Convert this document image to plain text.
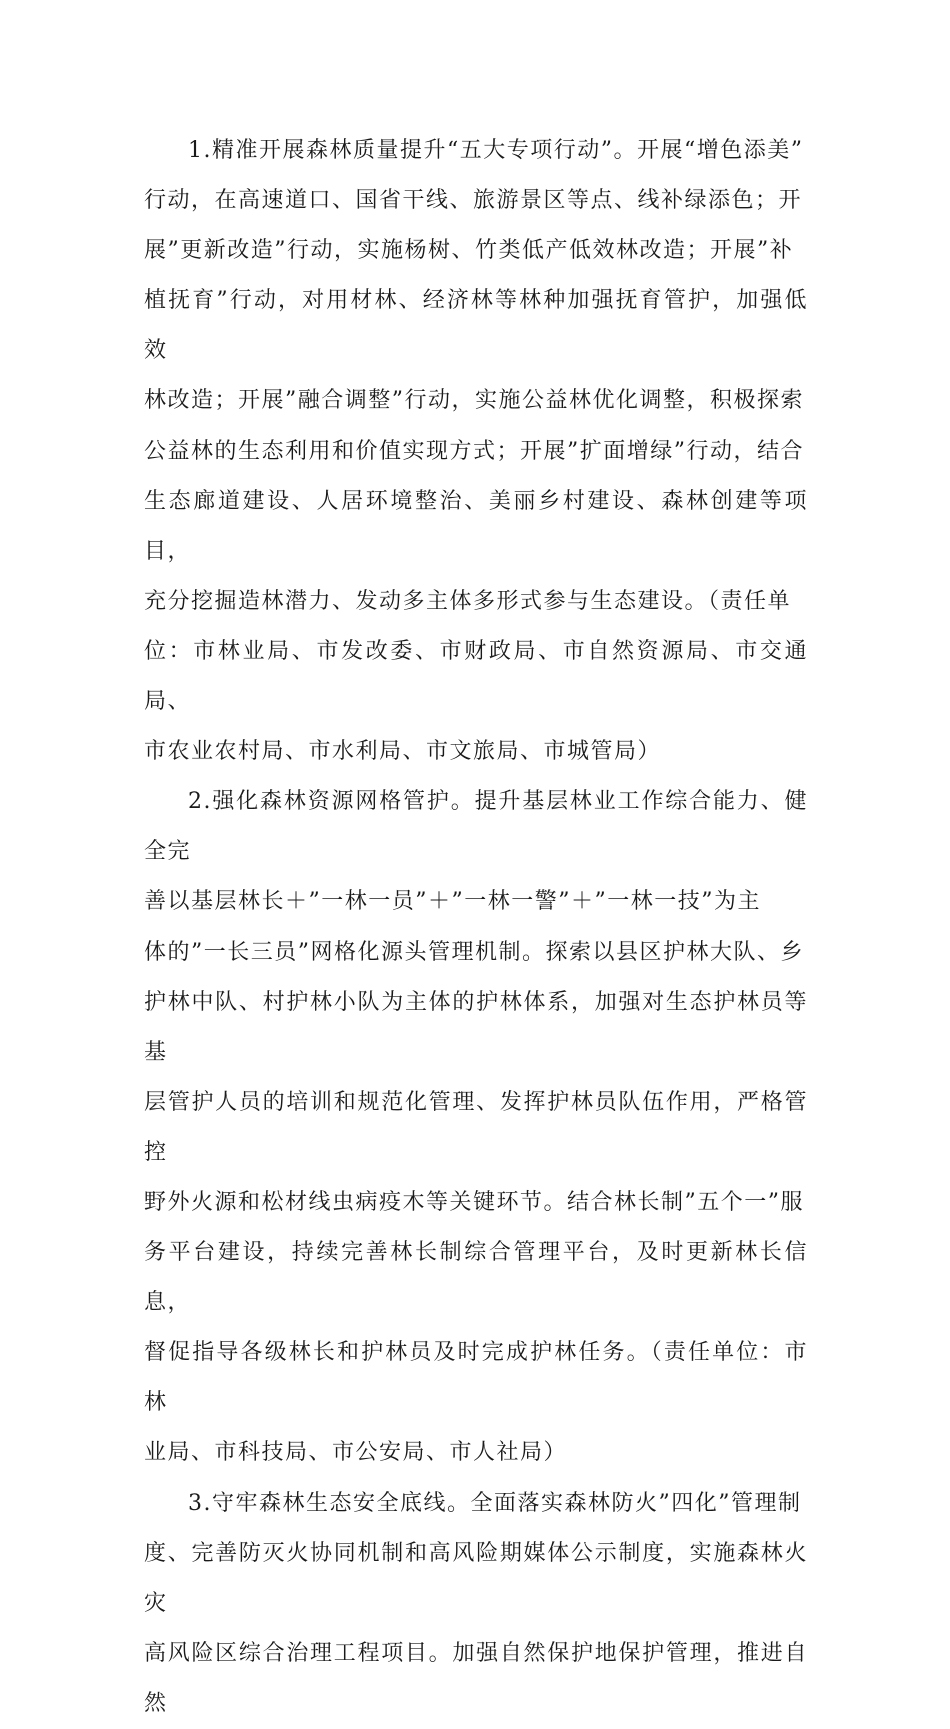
1.精准开展森林质量提升“五大专项行动”。开展“增色添美”
行动，在高速道口、国省干线、旅游景区等点、线补绿添色；开
展”更新改造”行动，实施杨树、竹类低产低效林改造；开展”补
植抚育”行动，对用材林、经济林等林种加强抚育管护，加强低效
林改造；开展”融合调整”行动，实施公益林优化调整，积极探索
公益林的生态利用和价值实现方式；开展”扩面增绿”行动，结合
生态廊道建设、人居环境整治、美丽乡村建设、森林创建等项目，
充分挖掘造林潜力、发动多主体多形式参与生态建设。（责任单
位：市林业局、市发改委、市财政局、市自然资源局、市交通局、
市农业农村局、市水利局、市文旅局、市城管局）

2.强化森林资源网格管护。提升基层林业工作综合能力、健全完
善以基层林长＋”一林一员”＋”一林一警”＋”一林一技”为主
体的”一长三员”网格化源头管理机制。探索以县区护林大队、乡
护林中队、村护林小队为主体的护林体系，加强对生态护林员等基
层管护人员的培训和规范化管理、发挥护林员队伍作用，严格管控
野外火源和松材线虫病疫木等关键环节。结合林长制”五个一”服
务平台建设，持续完善林长制综合管理平台，及时更新林长信息，
督促指导各级林长和护林员及时完成护林任务。（责任单位：市林
业局、市科技局、市公安局、市人社局）

3.守牢森林生态安全底线。全面落实森林防火”四化”管理制
度、完善防灭火协同机制和高风险期媒体公示制度，实施森林火灾
高风险区综合治理工程项目。加强自然保护地保护管理，推进自然
